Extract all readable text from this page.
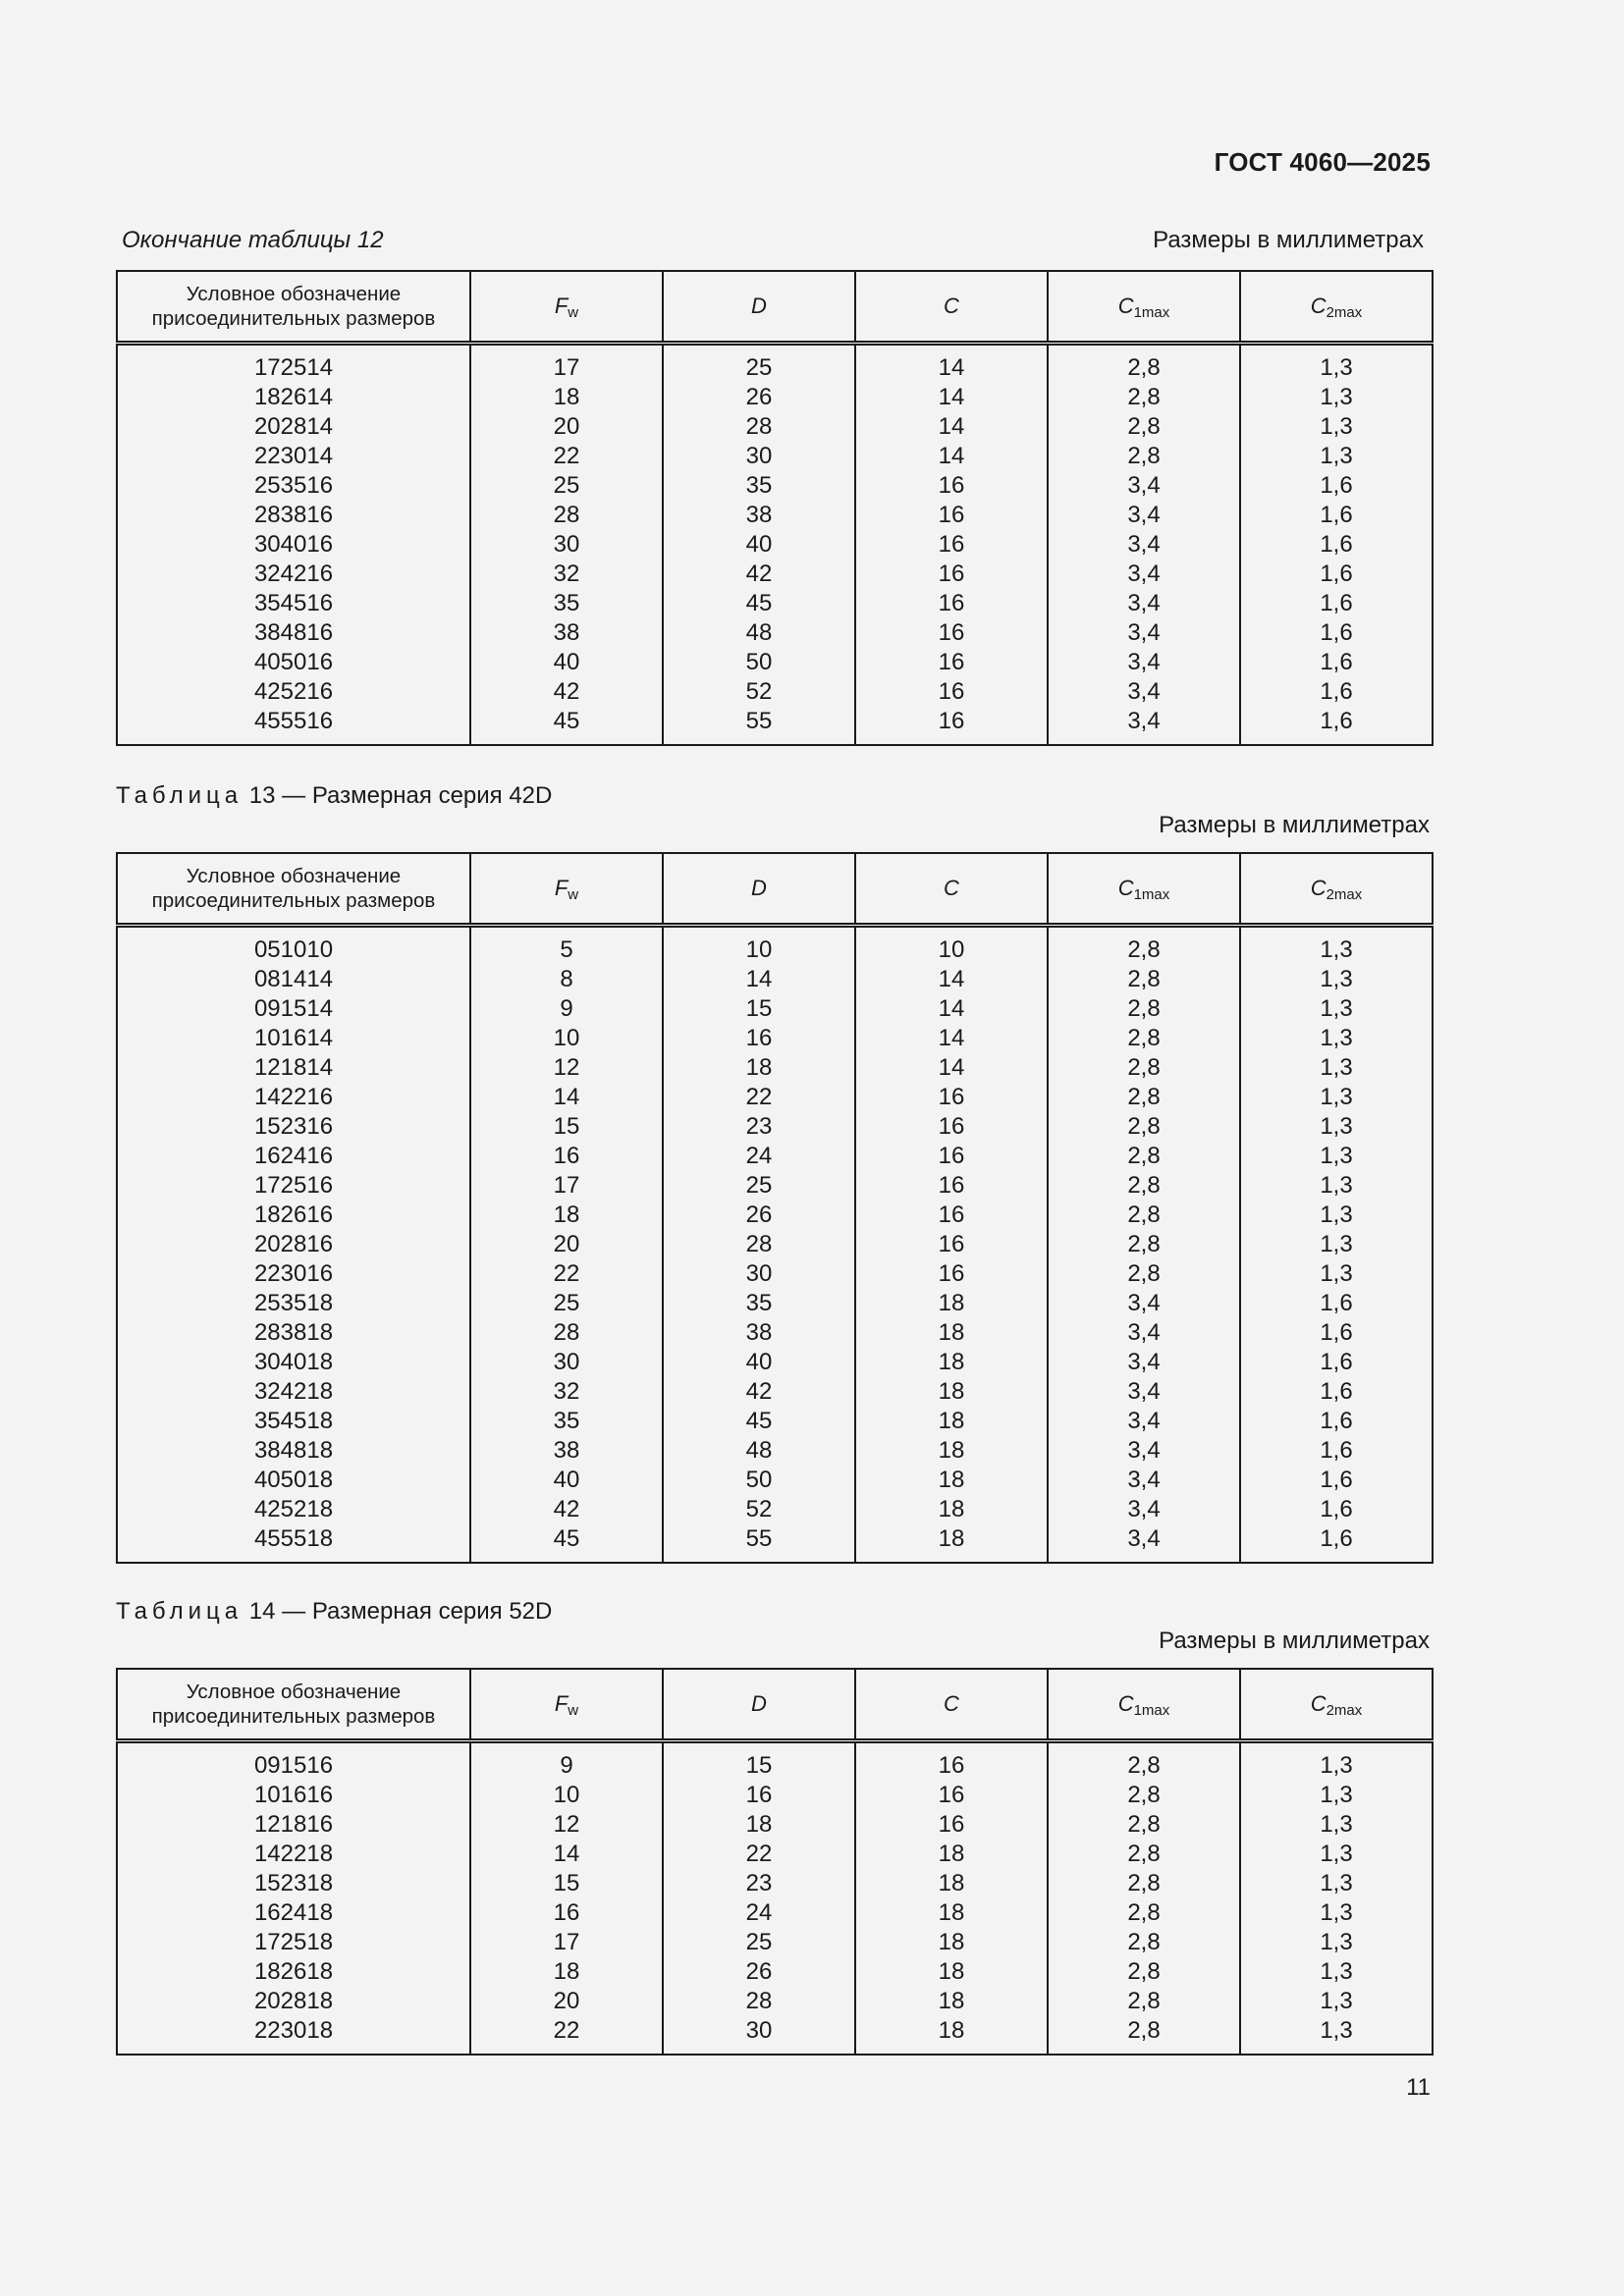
ГОСТ 4060—2025
Окончание таблицы 12	Размеры в миллиметрах
Условное обозначение
присоединительных размеров	$F_w$	D	C	$C_{1max}$	$C_{2max}$
172514	17	25	14	2,8	1,3
182614	18	26	14	2,8	1,3
202814	20	28	14	2,8	1,3
223014	22	30	14	2,8	1,3
253516	25	35	16	3,4	1,6
283816	28	38	16	3,4	1,6
304016	30	40	16	3,4	1,6
324216	32	42	16	3,4	1,6
354516	35	45	16	3,4	1,6
384816	38	48	16	3,4	1,6
405016	40	50	16	3,4	1,6
425216	42	52	16	3,4	1,6
455516	45	55	16	3,4	1,6
Таблица 13 — Размерная серия 42D
Размеры в миллиметрах
Условное обозначение
присоединительных размеров	$F_w$	D	C	$C_{1max}$	$C_{2max}$
051010	5	10	10	2,8	1,3
081414	8	14	14	2,8	1,3
091514	9	15	14	2,8	1,3
101614	10	16	14	2,8	1,3
121814	12	18	14	2,8	1,3
142216	14	22	16	2,8	1,3
152316	15	23	16	2,8	1,3
162416	16	24	16	2,8	1,3
172516	17	25	16	2,8	1,3
182616	18	26	16	2,8	1,3
202816	20	28	16	2,8	1,3
223016	22	30	16	2,8	1,3
253518	25	35	18	3,4	1,6
283818	28	38	18	3,4	1,6
304018	30	40	18	3,4	1,6
324218	32	42	18	3,4	1,6
354518	35	45	18	3,4	1,6
384818	38	48	18	3,4	1,6
405018	40	50	18	3,4	1,6
425218	42	52	18	3,4	1,6
455518	45	55	18	3,4	1,6
Таблица 14 — Размерная серия 52D
Размеры в миллиметрах
Условное обозначение
присоединительных размеров	$F_w$	D	C	$C_{1max}$	$C_{2max}$
091516	9	15	16	2,8	1,3
101616	10	16	16	2,8	1,3
121816	12	18	16	2,8	1,3
142218	14	22	18	2,8	1,3
152318	15	23	18	2,8	1,3
162418	16	24	18	2,8	1,3
172518	17	25	18	2,8	1,3
182618	18	26	18	2,8	1,3
202818	20	28	18	2,8	1,3
223018	22	30	18	2,8	1,3
11
